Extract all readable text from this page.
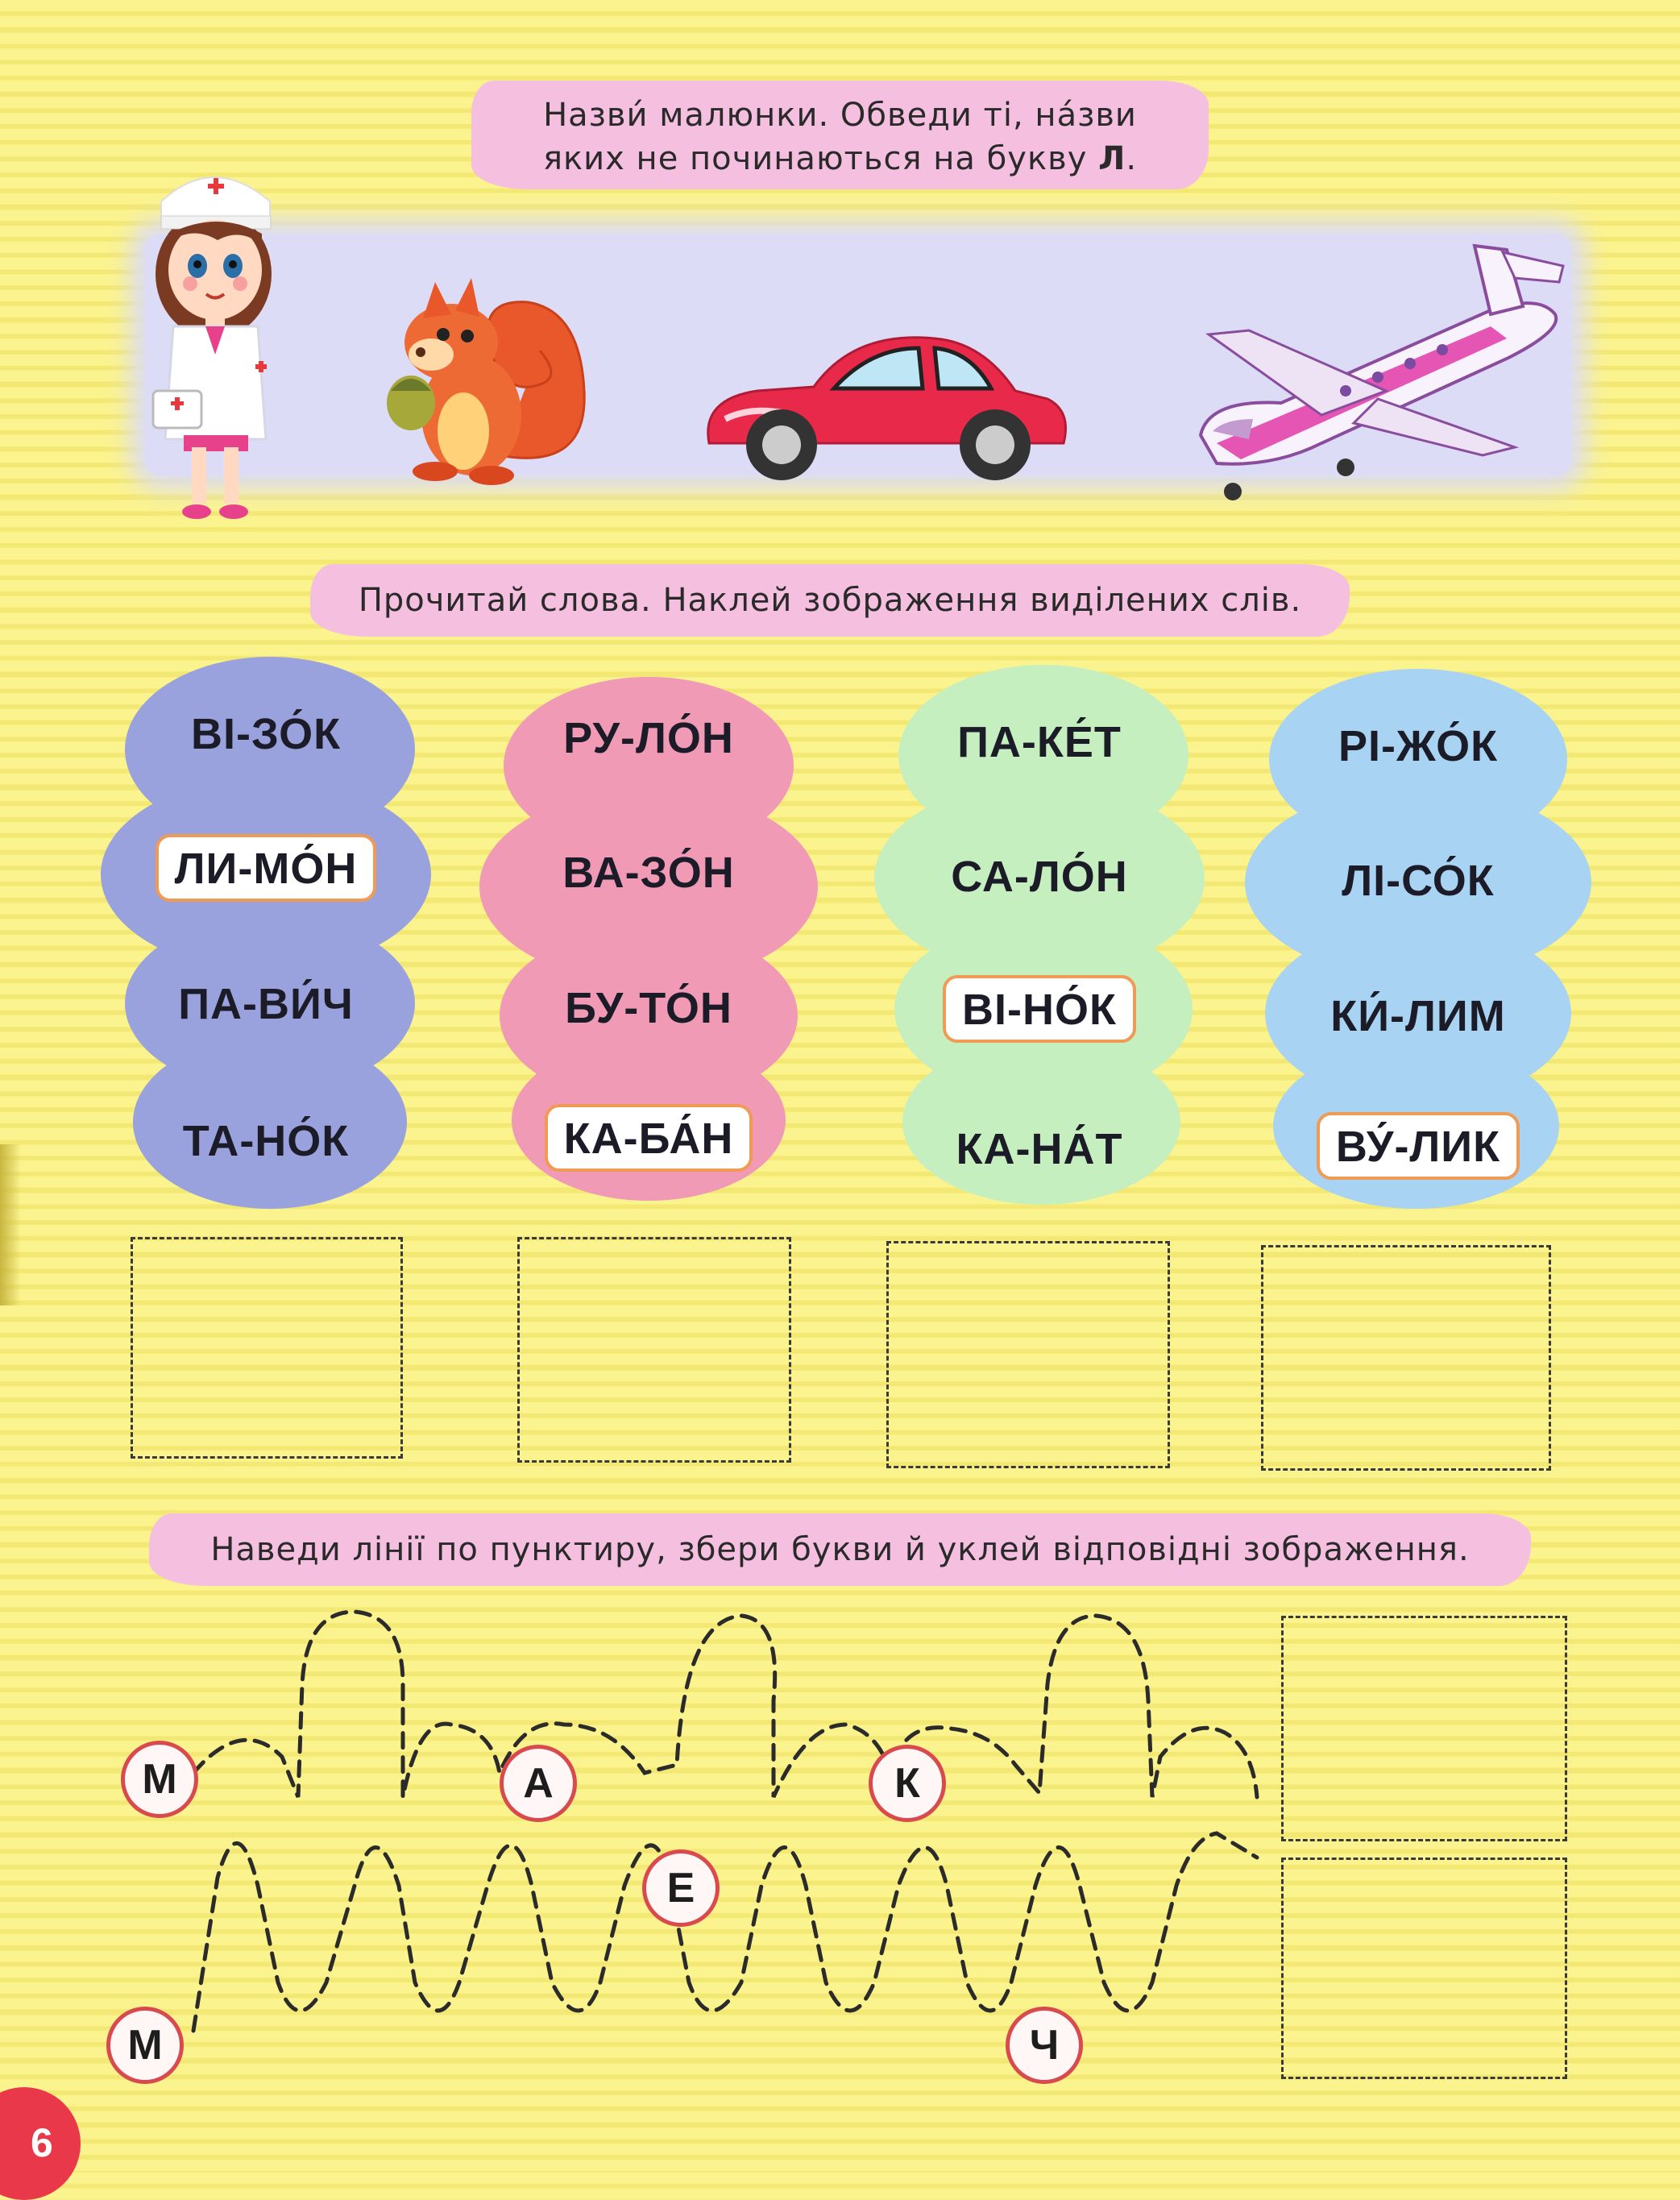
Назви́ малюнки. Обведи ті, на́зви
яких не починаються на букву Л.
Прочитай слова. Наклей зображення виділених слів.
ВІ-ЗО́К
ЛИ-МО́Н
ПА-ВИ́Ч
ТА-НО́К
РУ-ЛО́Н
ВА-ЗО́Н
БУ-ТО́Н
КА-БА́Н
ПА-КЕ́Т
СА-ЛО́Н
ВІ-НО́К
КА-НА́Т
РІ-ЖО́К
ЛІ-СО́К
КИ́-ЛИМ
ВУ́-ЛИК
Наведи лінії по пунктиру, збери букви й уклей відповідні зображення.
М	А	К
М
Е
Ч
6
